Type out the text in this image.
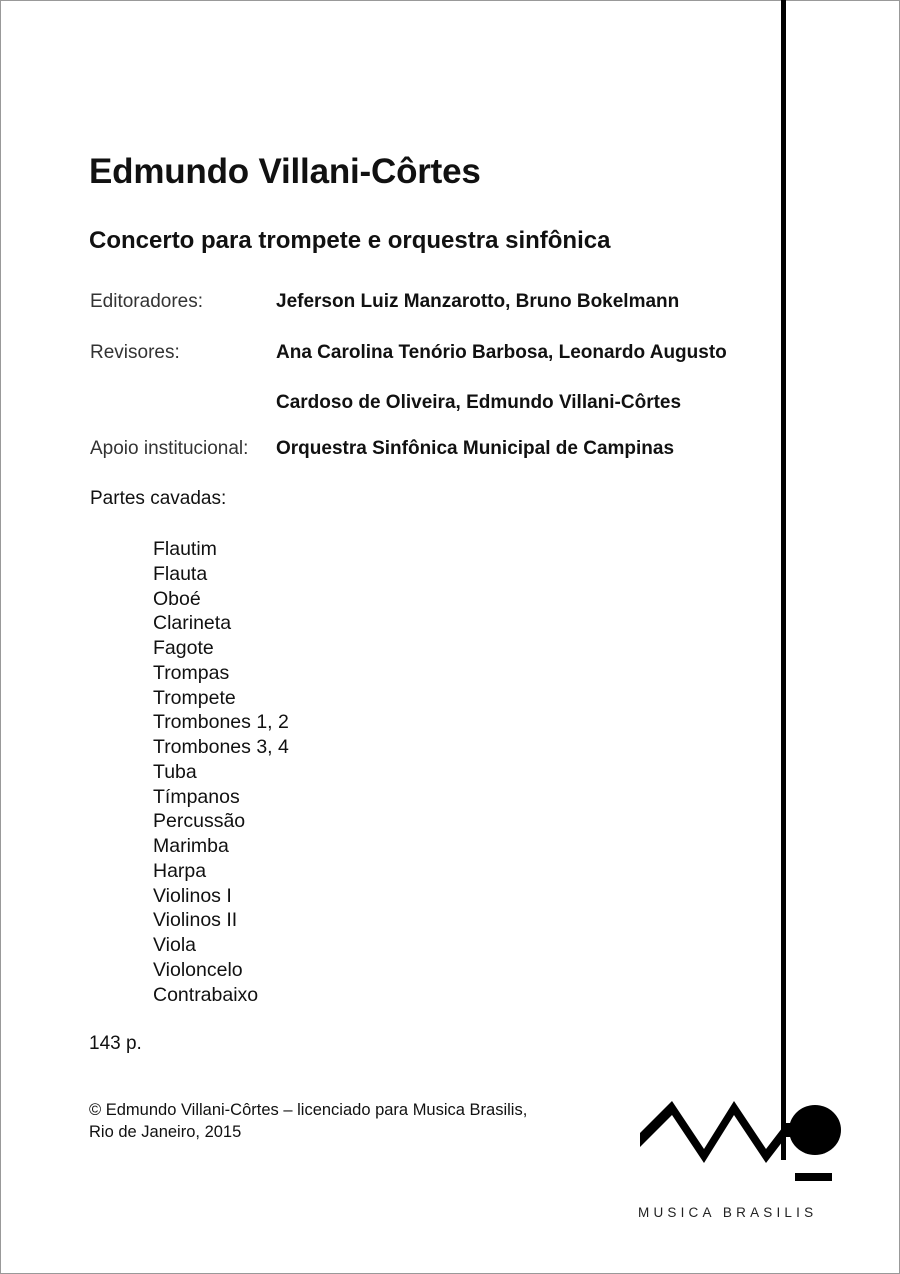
Edmundo Villani-Côrtes
Concerto para trompete e orquestra sinfônica
Editoradores:	Jeferson Luiz Manzarotto, Bruno Bokelmann
Revisores:	Ana Carolina Tenório Barbosa, Leonardo Augusto
Cardoso de Oliveira, Edmundo Villani-Côrtes
Apoio institucional: Orquestra Sinfônica Municipal de Campinas
Partes cavadas:
Flautim
Flauta
Oboé
Clarineta
Fagote
Trompas
Trompete
Trombones 1, 2
Trombones 3, 4
Tuba
Tímpanos
Percussão
Marimba
Harpa
Violinos I
Violinos II
Viola
Violoncelo
Contrabaixo
143 p.
© Edmundo Villani-Côrtes – licenciado para Musica Brasilis,
Rio de Janeiro, 2015
MUSICA BRASILIS
